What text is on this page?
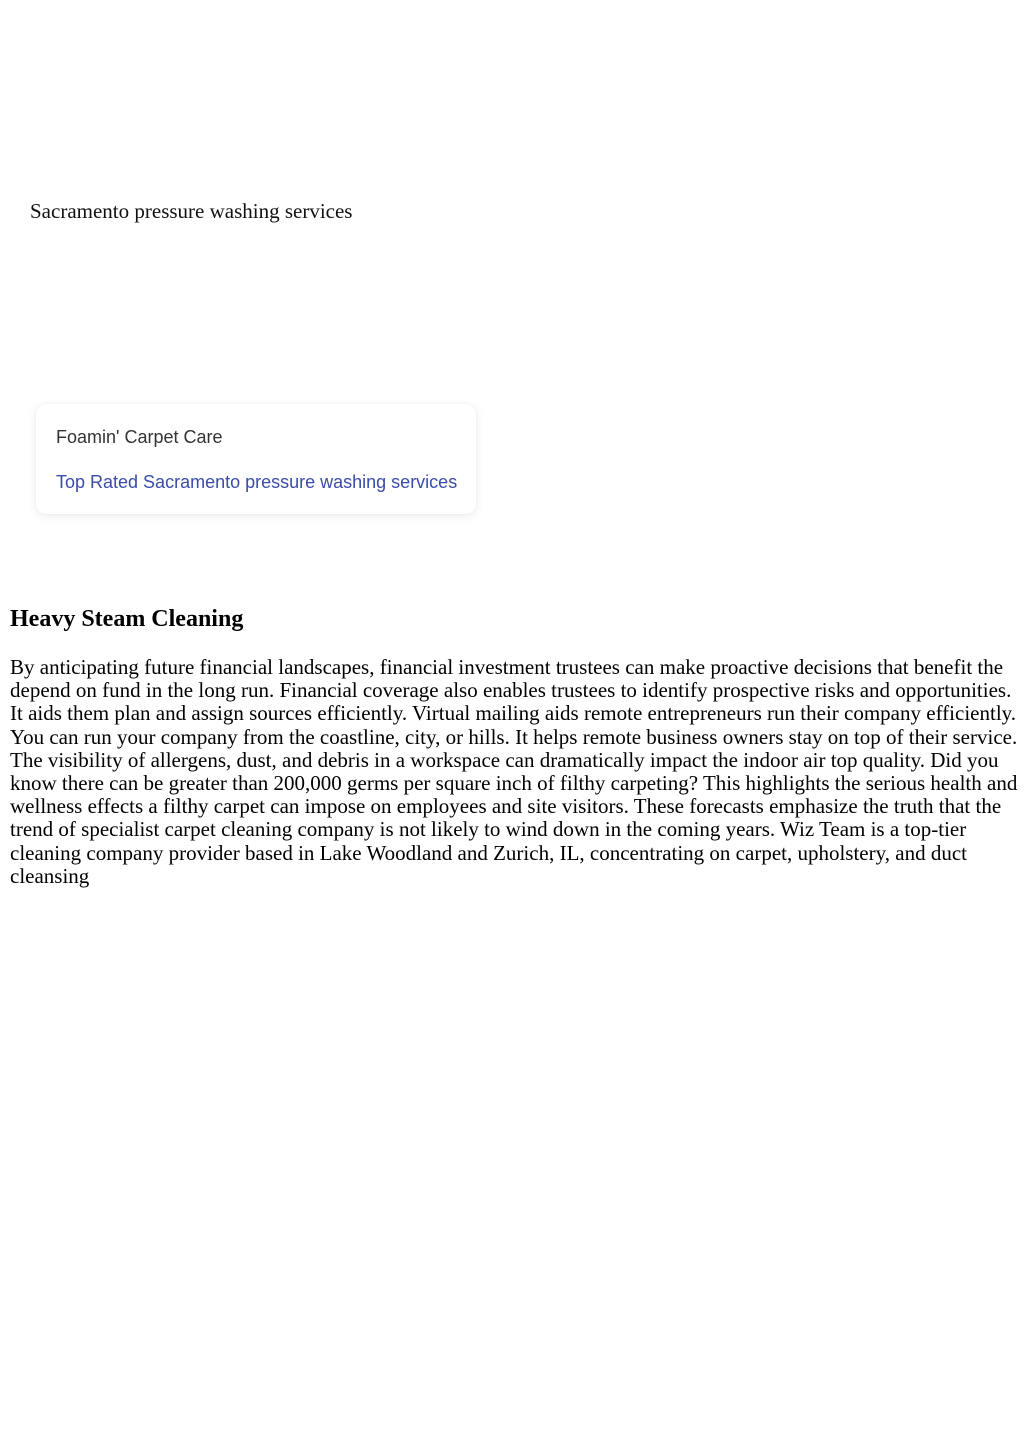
Sacramento pressure washing services

Foamin' Carpet Care

Top Rated Sacramento pressure washing services
Heavy Steam Cleaning

By anticipating future financial landscapes, financial investment trustees can make proactive decisions that benefit the depend on fund in the long run. Financial coverage also enables trustees to identify prospective risks and opportunities. It aids them plan and assign sources efficiently. Virtual mailing aids remote entrepreneurs run their company efficiently. You can run your company from the coastline, city, or hills. It helps remote business owners stay on top of their service. The visibility of allergens, dust, and debris in a workspace can dramatically impact the indoor air top quality. Did you know there can be greater than 200,000 germs per square inch of filthy carpeting? This highlights the serious health and wellness effects a filthy carpet can impose on employees and site visitors. These forecasts emphasize the truth that the trend of specialist carpet cleaning company is not likely to wind down in the coming years. Wiz Team is a top-tier cleaning company provider based in Lake Woodland and Zurich, IL, concentrating on carpet, upholstery, and duct cleansing
